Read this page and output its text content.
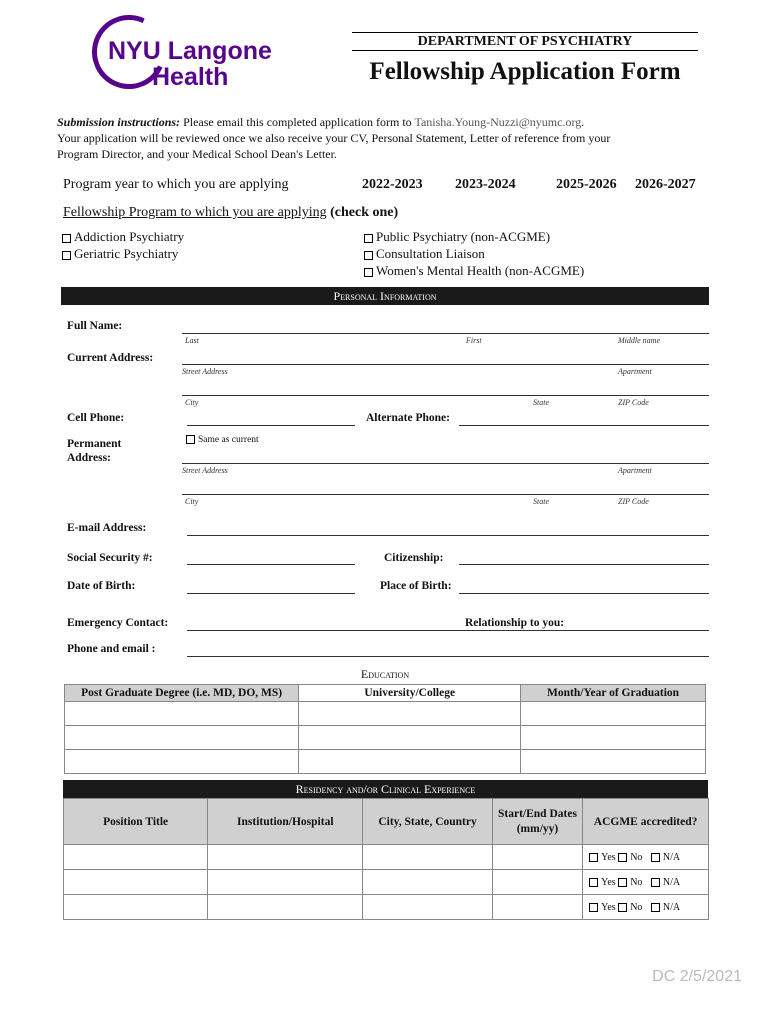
NYU Langone
Health
DEPARTMENT OF PSYCHIATRY
Fellowship Application Form
Submission instructions: Please email this completed application form to Tanisha.Young-Nuzzi@nyumc.org.
Your application will be reviewed once we also receive your CV, Personal Statement, Letter of reference from your
Program Director, and your Medical School Dean's Letter.
Program year to which you are applying	2022-2023 2023-2024	2025-2026 2026-2027
Fellowship Program to which you are applying (check one)
Addiction Psychiatry
Geriatric Psychiatry
Public Psychiatry (non-ACGME)
Consultation Liaison
Women's Mental Health (non-ACGME)
Personal Information
Full Name:
Last	First	Middle name
Current Address:
Street Address	Apartment
City	State	ZIP Code
Cell Phone:	Alternate Phone:
Permanent Address:
Same as current
Street Address	Apartment
City	State	ZIP Code
E-mail Address:
Social Security #:	Citizenship:
Date of Birth:	Place of Birth:
Emergency Contact:	Relationship to you:
Phone and email :
Education
Post Graduate Degree (i.e. MD, DO, MS)	University/College	Month/Year of Graduation

Residency and/or Clinical Experience
Position Title	Institution/Hospital	City, State, Country	Start/End Dates (mm/yy)	ACGME accredited?
				Yes No N/A
				Yes No N/A
				Yes No N/A
DC 2/5/2021
